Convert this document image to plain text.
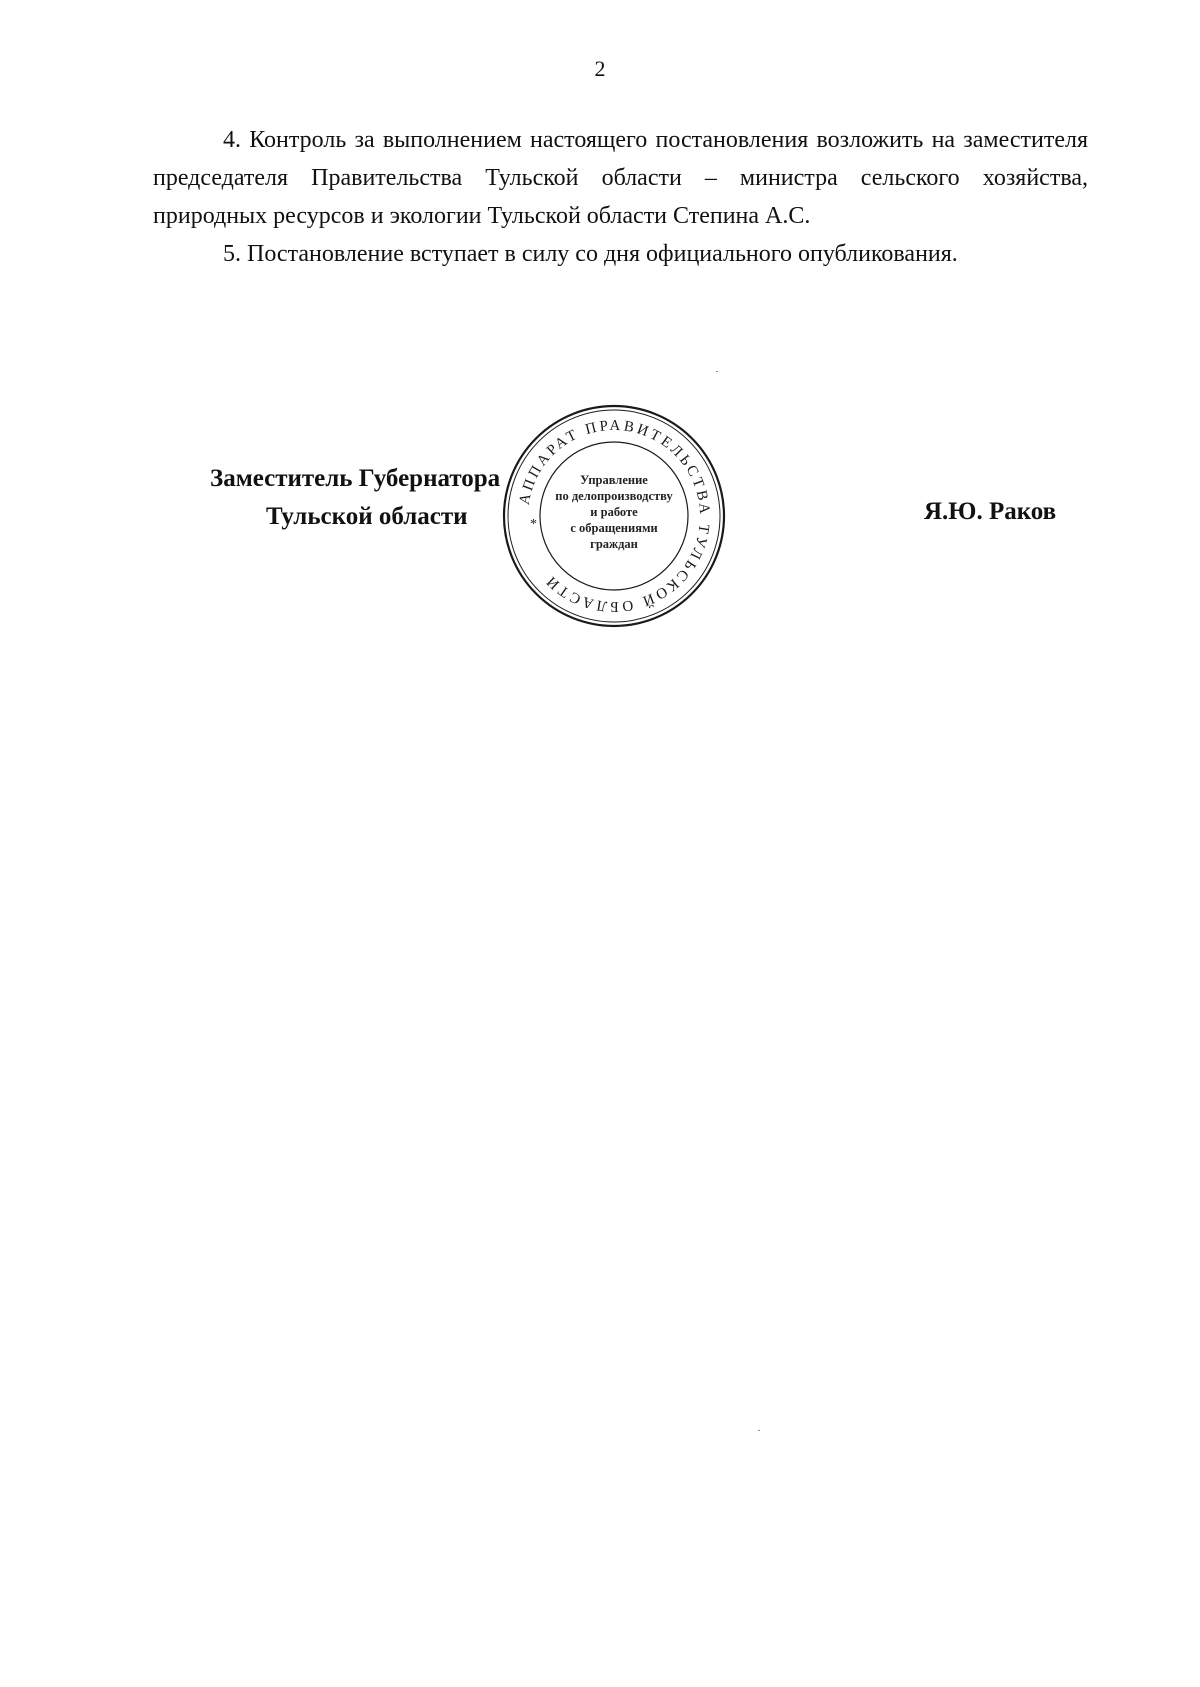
2

4. Контроль за выполнением настоящего постановления возложить на заместителя председателя Правительства Тульской области – министра сельского хозяйства, природных ресурсов и экологии Тульской области Степина А.С.

5. Постановление вступает в силу со дня официального опубликования.

Заместитель Губернатора
Тульской области	Я.Ю. Раков
АППАРАТ ПРАВИТЕЛЬСТВА ТУЛЬСКОЙ ОБЛАСТИ
*
Управление
по делопроизводству
и работе
с обращениями
граждан
